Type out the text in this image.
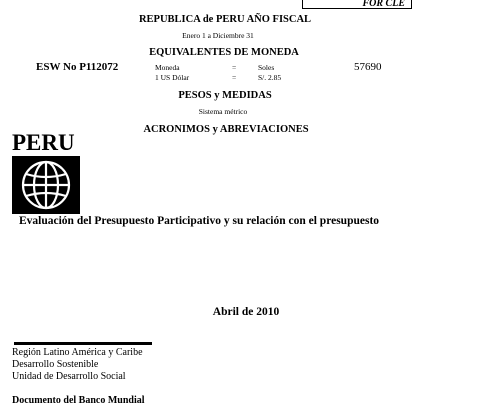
FOR CLE
REPUBLICA de PERU AÑO FISCAL
Enero 1 a Diciembre 31
EQUIVALENTES DE MONEDA
ESW No P112072	57690
Moneda	=	Soles
1 US Dólar	=	S/. 2.85
PESOS y MEDIDAS
Sistema métrico
ACRONIMOS y ABREVIACIONES
PERU
Evaluación del Presupuesto Participativo y su relación con el presupuesto
Abril de 2010
Región Latino América y Caribe
Desarrollo Sostenible
Unidad de Desarrollo Social
Documento del Banco Mundial
